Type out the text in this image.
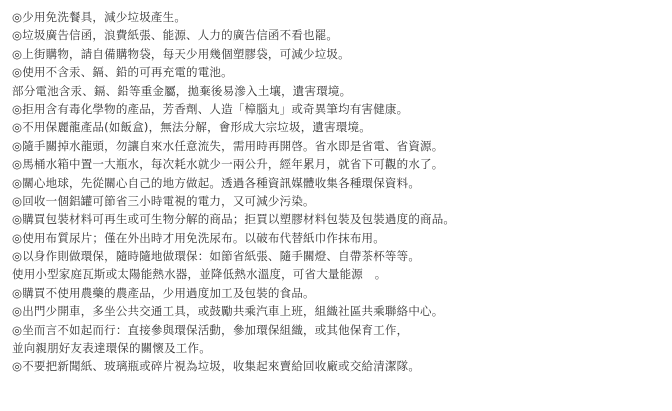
◎少用免洗餐具，減少垃圾產生。
◎垃圾廣告信函，浪費紙張、能源、人力的廣告信函不看也罷。
◎上街購物，請自備購物袋，每天少用幾個塑膠袋，可減少垃圾。
◎使用不含汞、鎘、鉛的可再充電的電池。
部分電池含汞、鎘、鉛等重金屬，拋棄後易滲入土壤，遺害環境。
◎拒用含有毒化學物的產品，芳香劑、人造「樟腦丸」或奇異筆均有害健康。
◎不用保麗龍產品(如飯盒)，無法分解，會形成大宗垃圾，遺害環境。
◎隨手關掉水龍頭，勿讓自來水任意流失，需用時再開啓。省水即是省電、省資源。
◎馬桶水箱中置一大瓶水，每次耗水就少一兩公升，經年累月，就省下可觀的水了。
◎關心地球，先從關心自己的地方做起。透過各種資訊媒體收集各種環保資料。
◎回收一個鋁罐可節省三小時電視的電力，又可減少污染。
◎購買包裝材料可再生或可生物分解的商品；拒買以塑膠材料包裝及包裝過度的商品。
◎使用布質尿片；僅在外出時才用免洗尿布。以破布代替紙巾作抹布用。
◎以身作則做環保，隨時隨地做環保：如節省紙張、隨手關燈、自帶茶杯等等。
使用小型家庭瓦斯或太陽能熱水器，並降低熱水溫度，可省大量能源　。
◎購買不使用農藥的農產品，少用過度加工及包裝的食品。
◎出門少開車，多坐公共交通工具，或鼓勵共乘汽車上班，組織社區共乘聯絡中心。
◎坐而言不如起而行：直接參與環保活動，參加環保組織，或其他保育工作，
並向親朋好友表達環保的關懷及工作。
◎不要把新聞紙、玻璃瓶或碎片視為垃圾，收集起來賣給回收廠或交給清潔隊。
